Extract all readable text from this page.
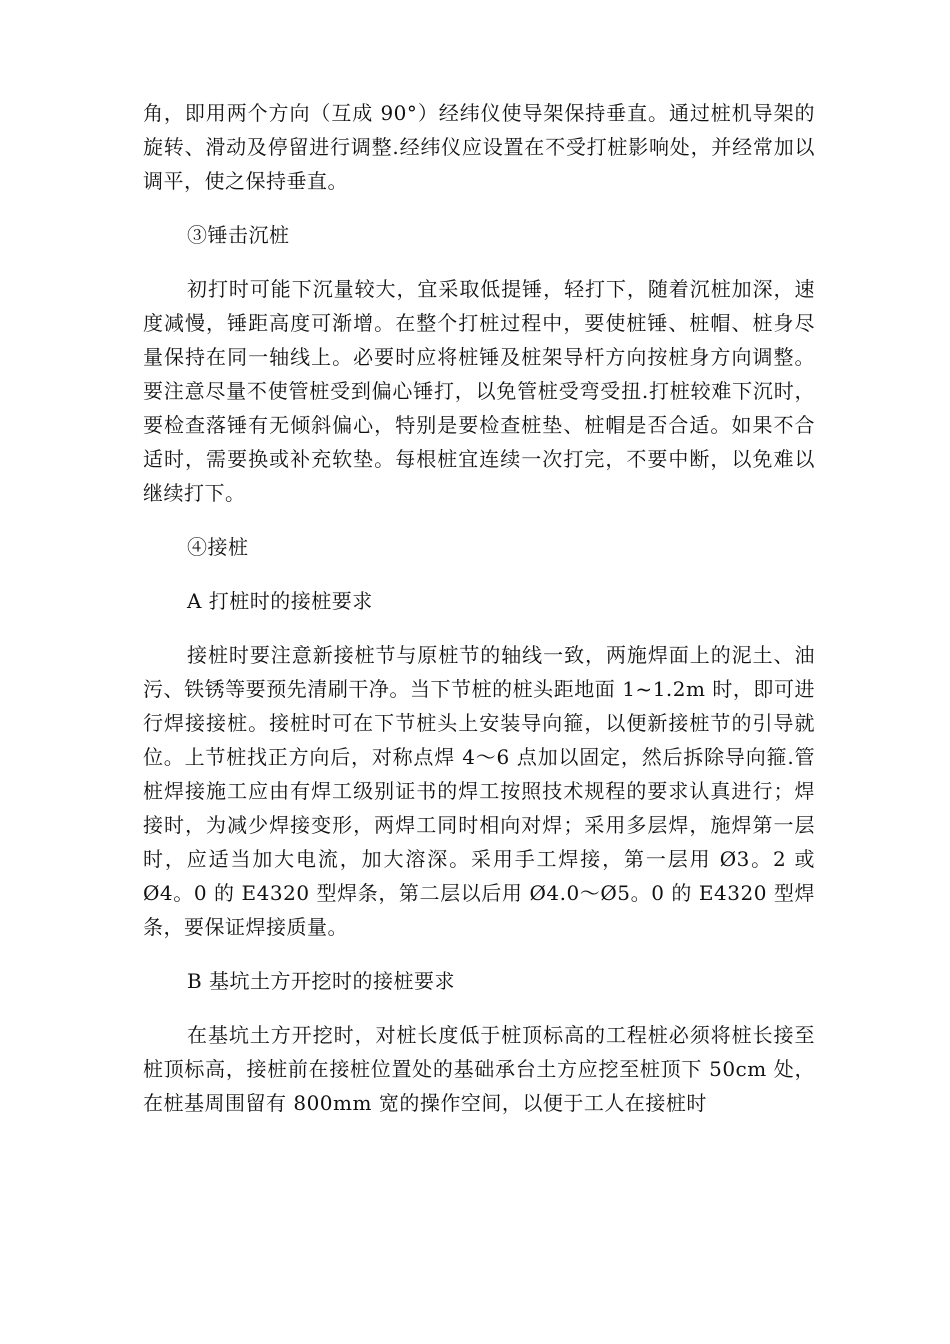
角，即用两个方向（互成 90°）经纬仪使导架保持垂直。通过桩机导架的旋转、滑动及停留进行调整.经纬仪应设置在不受打桩影响处，并经常加以调平，使之保持垂直。

③锤击沉桩

初打时可能下沉量较大，宜采取低提锤，轻打下，随着沉桩加深，速度减慢，锤距高度可渐增。在整个打桩过程中，要使桩锤、桩帽、桩身尽量保持在同一轴线上。必要时应将桩锤及桩架导杆方向按桩身方向调整。要注意尽量不使管桩受到偏心锤打，以免管桩受弯受扭.打桩较难下沉时，要检查落锤有无倾斜偏心，特别是要检查桩垫、桩帽是否合适。如果不合适时，需要换或补充软垫。每根桩宜连续一次打完，不要中断，以免难以继续打下。

④接桩

A 打桩时的接桩要求

接桩时要注意新接桩节与原桩节的轴线一致，两施焊面上的泥土、油污、铁锈等要预先清刷干净。当下节桩的桩头距地面 1~1.2m 时，即可进行焊接接桩。接桩时可在下节桩头上安装导向箍，以便新接桩节的引导就位。上节桩找正方向后，对称点焊 4～6 点加以固定，然后拆除导向箍.管桩焊接施工应由有焊工级别证书的焊工按照技术规程的要求认真进行；焊接时，为减少焊接变形，两焊工同时相向对焊；采用多层焊，施焊第一层时，应适当加大电流，加大溶深。采用手工焊接，第一层用 Ø3。2 或 Ø4。0 的 E4320 型焊条，第二层以后用 Ø4.0～Ø5。0 的 E4320 型焊条，要保证焊接质量。

B 基坑土方开挖时的接桩要求

在基坑土方开挖时，对桩长度低于桩顶标高的工程桩必须将桩长接至桩顶标高，接桩前在接桩位置处的基础承台土方应挖至桩顶下 50cm 处，在桩基周围留有 800mm 宽的操作空间，以便于工人在接桩时
